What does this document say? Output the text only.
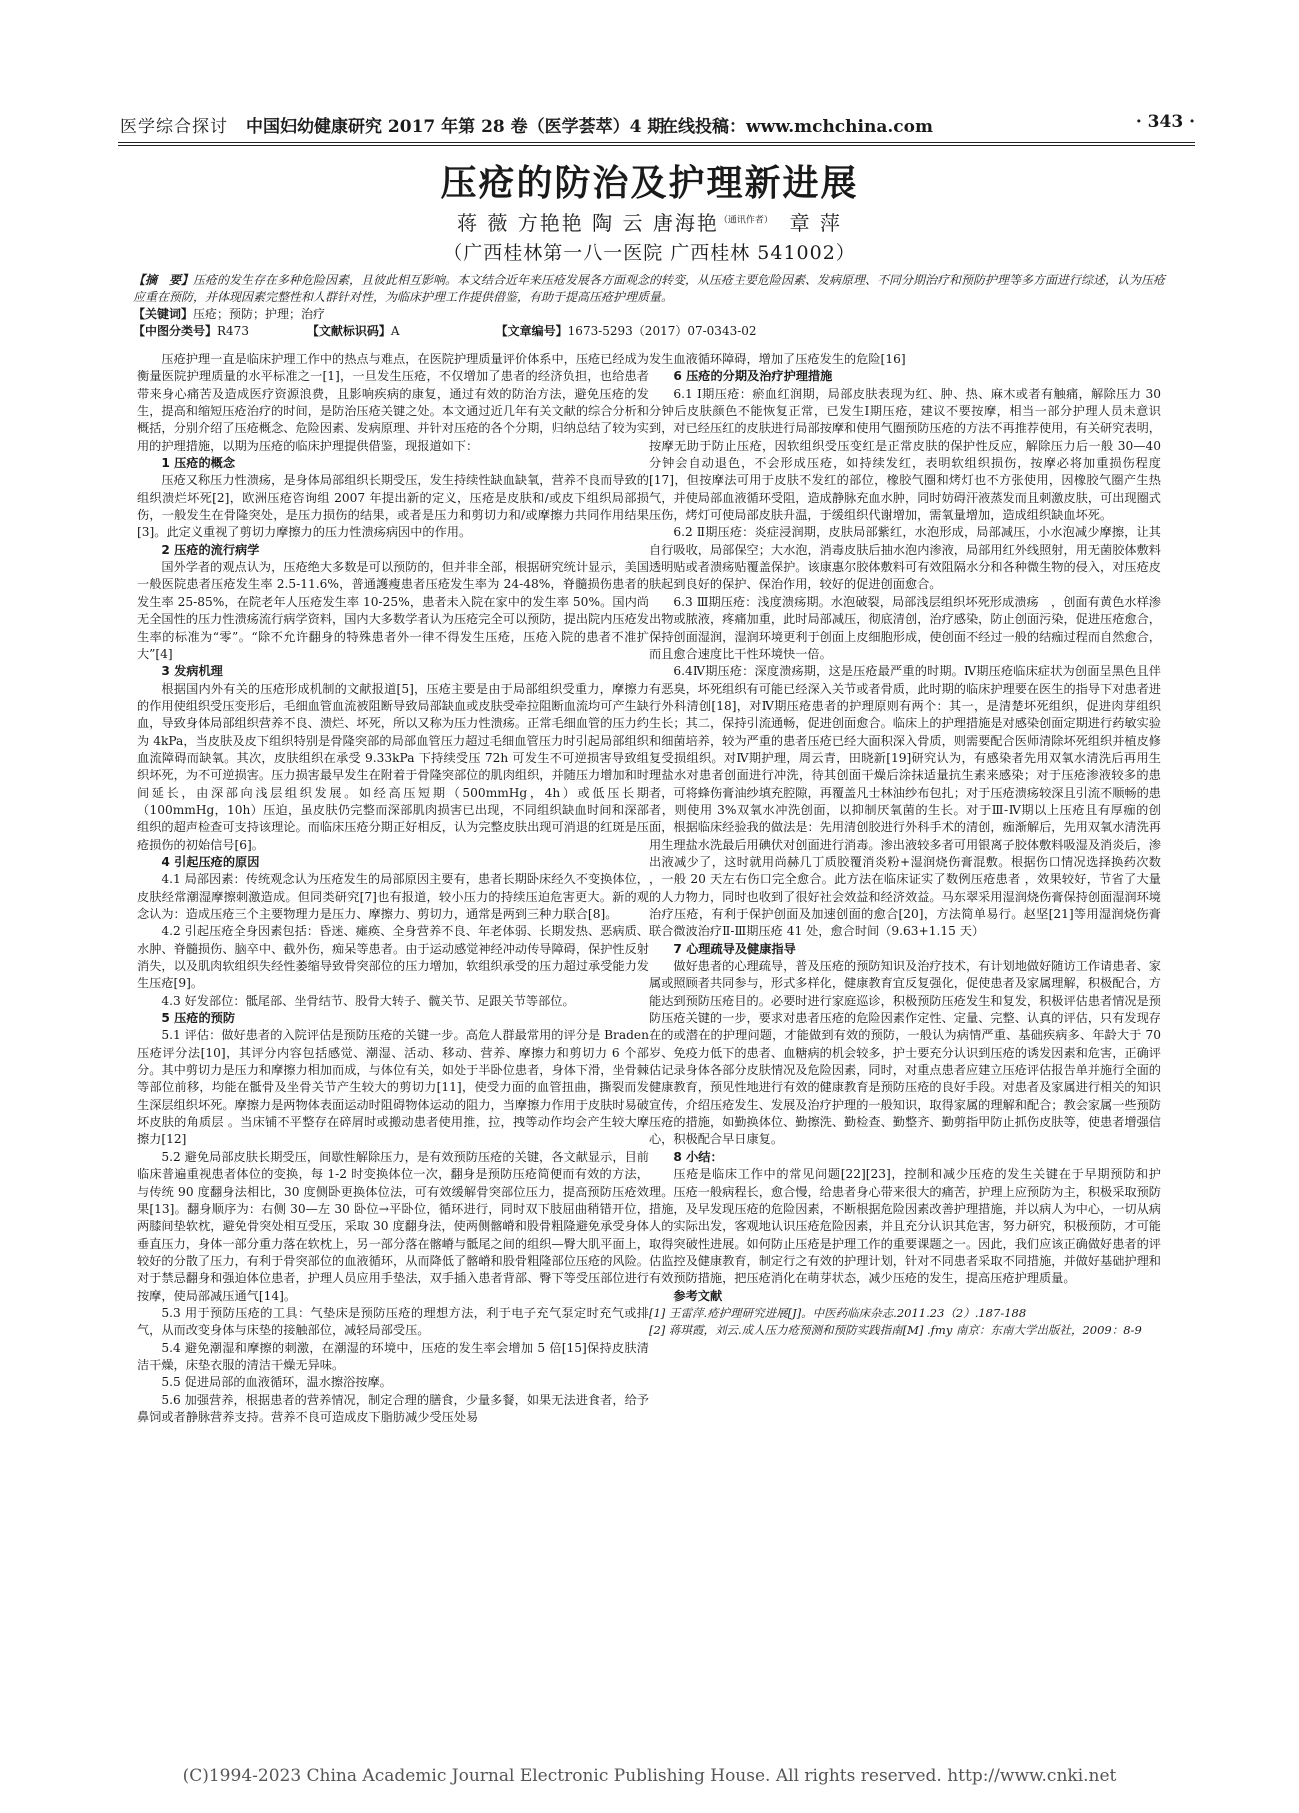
医学综合探讨 中国妇幼健康研究 2017 年第 28 卷（医学荟萃）4 期
在线投稿：www.mchchina.com	· 343 ·
压疮的防治及护理新进展
蒋 薇 方艳艳 陶 云 唐海艳$^{(通讯作者)}$ 章 萍
（广西桂林第一八一医院 广西桂林 541002）
【摘　要】压疮的发生存在多种危险因素，且彼此相互影响。本文结合近年来压疮发展各方面观念的转变，从压疮主要危险因素、发病原理、不同分期治疗和预防护理等多方面进行综述，认为压疮应重在预防，并体现因素完整性和人群针对性，为临床护理工作提供借鉴，有助于提高压疮护理质量。
【关键词】压疮；预防；护理；治疗
【中图分类号】R473	【文献标识码】A	【文章编号】1673-5293（2017）07-0343-02

压疮护理一直是临床护理工作中的热点与难点，在医院护理质量评价体系中，压疮已经成为衡量医院护理质量的水平标准之一[1]，一旦发生压疮，不仅增加了患者的经济负担，也给患者带来身心痛苦及造成医疗资源浪费，且影响疾病的康复，通过有效的防治方法，避免压疮的发生，提高和缩短压疮治疗的时间，是防治压疮关键之处。本文通过近几年有关文献的综合分析和概括，分别介绍了压疮概念、危险因素、发病原理、并针对压疮的各个分期，归纳总结了较为实用的护理措施，以期为压疮的临床护理提供借鉴，现报道如下：

1 压疮的概念

压疮又称压力性溃疡，是身体局部组织长期受压，发生持续性缺血缺氧，营养不良而导致的组织溃烂坏死[2]，欧洲压疮咨询组 2007 年提出新的定义，压疮是皮肤和/或皮下组织局部损伤，一般发生在骨隆突处，是压力损伤的结果，或者是压力和剪切力和/或摩擦力共同作用结果[3]。此定义重视了剪切力摩擦力的压力性溃疡病因中的作用。

2 压疮的流行病学

国外学者的观点认为，压疮绝大多数是可以预防的，但并非全部，根据研究统计显示，美国一般医院患者压疮发生率 2.5-11.6%，普通護瘦患者压疮发生率为 24-48%，脊髓损伤患者的发生率 25-85%，在院老年人压疮发生率 10-25%，患者未入院在家中的发生率 50%。国内尚无全国性的压力性溃疡流行病学资料，国内大多数学者认为压疮完全可以预防，提出院内压疮发生率的标准为“零”。“除不允许翻身的特殊患者外一律不得发生压疮，压疮入院的患者不准扩大”[4]

3 发病机理

根据国内外有关的压疮形成机制的文献报道[5]，压疮主要是由于局部组织受重力，摩擦力的作用使组织受压变形后，毛细血管血流被阻断导致局部缺血或皮肤受牵拉阻断血流均可产生缺血，导致身体局部组织营养不良、溃烂、坏死，所以又称为压力性溃疡。正常毛细血管的压力约为 4kPa，当皮肤及皮下组织特别是骨隆突部的局部血管压力超过毛细血管压力时引起局部组织血流障碍而缺氧。其次，皮肤组织在承受 9.33kPa 下持续受压 72h 可发生不可逆损害导致组织坏死，为不可逆损害。压力损害最早发生在附着于骨隆突部位的肌肉组织，并随压力增加和时间延长，由深部向浅层组织发展。如经高压短期（500mmHg，4h）或低压长期（100mmHg，10h）压迫，虽皮肤仍完整而深部肌肉损害已出现，不同组织缺血时间和深部组织的超声检查可支持该理论。而临床压疮分期正好相反，认为完整皮肤出现可消退的红斑是压疮损伤的初始信号[6]。

4 引起压疮的原因

4.1 局部因素：传统观念认为压疮发生的局部原因主要有，患者长期卧床经久不变换体位，皮肤经常潮湿摩擦刺激造成。但同类研究[7]也有报道，较小压力的持续压迫危害更大。新的观念认为：造成压疮三个主要物理力是压力、摩擦力、剪切力，通常是两到三种力联合[8]。

4.2 引起压疮全身因素包括：昏迷、瘫痪、全身营养不良、年老体弱、长期发热、恶病质、水肿、脊髓损伤、脑卒中、截外伤，痴呆等患者。由于运动感觉神经冲动传导障碍，保护性反射消失，以及肌肉软组织失经性萎缩导致骨突部位的压力增加，软组织承受的压力超过承受能力发生压疮[9]。

4.3 好发部位：骶尾部、坐骨结节、股骨大转子、髋关节、足跟关节等部位。

5 压疮的预防

5.1 评估：做好患者的入院评估是预防压疮的关键一步。高危人群最常用的评分是 Braden 压疮评分法[10]，其评分内容包括感觉、潮湿、活动、移动、营养、摩擦力和剪切力 6 个部分。其中剪切力是压力和摩擦力相加而成，与体位有关，如处于半卧位患者，身体下滑，坐骨棘等部位前移，均能在骶骨及坐骨关节产生较大的剪切力[11]，使受力面的血管扭曲，撕裂而发生深层组织坏死。摩擦力是两物体表面运动时阻碍物体运动的阻力，当摩擦力作用于皮肤时易破坏皮肤的角质层 。当床铺不平整存在碎屑时或搬动患者使用推，拉，拽等动作均会产生较大摩擦力[12]

5.2 避免局部皮肤长期受压，间歇性解除压力，是有效预防压疮的关键，各文献显示，目前临床普遍重视患者体位的变换，每 1-2 时变换体位一次，翻身是预防压疮简便而有效的方法，与传统 90 度翻身法相比，30 度侧卧更换体位法，可有效缓解骨突部位压力，提高预防压疮效果[13]。翻身顺序为：右侧 30—左 30 卧位→平卧位，循环进行，同时双下肢屈曲稍错开位，两膝间垫软枕，避免骨突处相互受压，采取 30 度翻身法，使两侧髂嵴和股骨粗隆避免承受身体垂直压力，身体一部分重力落在软枕上，另一部分落在髂嵴与骶尾之间的组织—臀大肌平面上，较好的分散了压力，有利于骨突部位的血液循环，从而降低了髂嵴和股骨粗隆部位压疮的风险。对于禁忌翻身和强迫体位患者，护理人员应用手垫法，双手插入患者背部、臀下等受压部位进行按摩，使局部减压通气[14]。

5.3 用于预防压疮的工具：气垫床是预防压疮的理想方法，利于电子充气泵定时充气或排气，从而改变身体与床垫的接触部位，减轻局部受压。

5.4 避免潮湿和摩擦的刺激，在潮湿的环境中，压疮的发生率会增加 5 倍[15]保持皮肤清洁干燥，床垫衣服的清洁干燥无异味。

5.5 促进局部的血液循环，温水擦浴按摩。

5.6 加强营养，根据患者的营养情况，制定合理的膳食，少量多餐，如果无法进食者，给予鼻饲或者静脉营养支持。营养不良可造成皮下脂肪减少受压处易

发生血液循环障碍，增加了压疮发生的危险[16]

6 压疮的分期及治疗护理措施

6.1 Ⅰ期压疮：瘀血红润期，局部皮肤表现为红、肿、热、麻木或者有触痛，解除压力 30 分钟后皮肤颜色不能恢复正常，已发生Ⅰ期压疮，建议不要按摩，相当一部分护理人员未意识到，对已经压红的皮肤进行局部按摩和使用气圈预防压疮的方法不再推荐使用，有关研究表明，按摩无助于防止压疮，因软组织受压变红是正常皮肤的保护性反应，解除压力后一般 30—40 分钟会自动退色，不会形成压疮，如持续发红，表明软组织损伤，按摩必将加重损伤程度[17]，但按摩法可用于皮肤不发红的部位，橡胶气圈和烤灯也不方张使用，因橡胶气圈产生热气，并使局部血液循环受阻，造成静脉充血水肿，同时妨碍汗液蒸发而且刺激皮肤，可出现圈式压伤，烤灯可使局部皮肤升温，于缓组织代谢增加，需氧量增加，造成组织缺血坏死。

6.2 Ⅱ期压疮：炎症浸润期，皮肤局部紫红，水泡形成，局部减压，小水泡减少摩擦，让其自行吸收，局部保空；大水泡，消毒皮肤后抽水泡内渗液，局部用红外线照射，用无菌胶体敷料透明贴或者溃疡贴覆盖保护。该康惠尔胶体敷料可有效阻隔水分和各种微生物的侵入，对压疮皮肤起到良好的保护、保治作用，较好的促进创面愈合。

6.3 Ⅲ期压疮：浅度溃疡期。水泡破裂，局部浅层组织坏死形成溃疡　，创面有黄色水样渗出物或脓液，疼痛加重，此时局部减压，彻底清创，治疗感染，防止创面污染，促进压疮愈合，保持创面湿润，湿润环境更利于创面上皮细胞形成，使创面不经过一般的结痂过程而自然愈合，而且愈合速度比干性环境快一倍。

6.4Ⅳ期压疮：深度溃疡期，这是压疮最严重的时期。Ⅳ期压疮临床症状为创面呈黑色且伴有恶臭，坏死组织有可能已经深入关节或者骨质，此时期的临床护理要在医生的指导下对患者进行外科清创[18]，对Ⅳ期压疮患者的护理原则有两个：其一，是清楚坏死组织，促进肉芽组织生长；其二，保持引流通畅，促进创面愈合。临床上的护理措施是对感染创面定期进行药敏实验和细菌培养，较为严重的患者压疮已经大面积深入骨质，则需要配合医师清除坏死组织并植皮修复受损组织。对Ⅳ期护理，周云青，田晓新[19]研究认为，有感染者先用双氧水清洗后再用生理盐水对患者创面进行冲洗，待其创面干燥后涂抹适量抗生素来感染；对于压疮渗液较多的患者，可将蜂伤膏油纱填充腔隙，再覆盖凡士林油纱布包扎；对于压疮溃疡较深且引流不顺畅的患者，则使用 3%双氧水冲洗创面，以抑制厌氧菌的生长。对于Ⅲ-Ⅳ期以上压疮且有厚痂的创面，根据临床经验我的做法是：先用清创胶进行外科手术的清创，痂渐解后，先用双氧水清洗再用生理盐水洗最后用碘伏对创面进行消毒。渗出液较多者可用银离子胶体敷料吸湿及消炎后，渗出液减少了，这时就用尚赫几丁质胶覆消炎粉+湿润烧伤膏混敷。根据伤口情况选择换药次数 ，一般 20 天左右伤口完全愈合。此方法在临床证实了数例压疮患者 ，效果较好，节省了大量的人力物力，同时也收到了很好社会效益和经济效益。马东翠采用湿润烧伤膏保持创面湿润环境治疗压疮，有利于保护创面及加速创面的愈合[20]，方法简单易行。赵坚[21]等用湿润烧伤膏联合微波治疗Ⅱ-Ⅲ期压疮 41 处，愈合时间（9.63+1.15 天）

7 心理疏导及健康指导

做好患者的心理疏导，普及压疮的预防知识及治疗技术，有计划地做好随访工作请患者、家属或照顾者共同参与，形式多样化，健康教育宜反复强化，促使患者及家属理解，积极配合，方能达到预防压疮目的。必要时进行家庭巡诊，积极预防压疮发生和复发，积极评估患者情况是预防压疮关键的一步，要求对患者压疮的危险因素作定性、定量、完整、认真的评估，只有发现存在的或潜在的护理问题，才能做到有效的预防，一般认为病情严重、基础疾病多、年龄大于 70 岁、免疫力低下的患者、血糖病的机会较多，护士要充分认识到压疮的诱发因素和危害，正确评估记录身体各部分皮肤情况及危险因素，同时，对重点患者应建立压疮评估报告单并施行全面的健康教育，预见性地进行有效的健康教育是预防压疮的良好手段。对患者及家属进行相关的知识宣传，介绍压疮发生、发展及治疗护理的一般知识，取得家属的理解和配合；教会家属一些预防压疮的措施，如勤换体位、勤擦洗、勤检查、勤整齐、勤剪指甲防止抓伤皮肤等，使患者增强信心，积极配合早日康复。

8 小结：

压疮是临床工作中的常见问题[22][23]，控制和减少压疮的发生关键在于早期预防和护理。压疮一般病程长，愈合慢，给患者身心带来很大的痛苦，护理上应预防为主，积极采取预防措施，及早发现压疮的危险因素，不断根据危险因素改善护理措施，并以病人为中心，一切从病人的实际出发，客观地认识压疮危险因素，并且充分认识其危害，努力研究，积极预防，才可能取得突破性进展。如何防止压疮是护理工作的重要课题之一。因此，我们应该正确做好患者的评估监控及健康教育，制定行之有效的护理计划，针对不同患者采取不同措施，并做好基础护理和有效预防措施，把压疮消化在萌芽状态，减少压疮的发生，提高压疮护理质量。

参考文献

[1] 王雷萍.疮护理研究进展[J]。中医药临床杂志.2011.23（2）.187-188

[2] 蒋琪霞，刘云.成人压力疮预测和预防实践指南[M] .fmy 南京：东南大学出版社，2009：8-9

(C)1994-2023 China Academic Journal Electronic Publishing House. All rights reserved. http://www.cnki.net
